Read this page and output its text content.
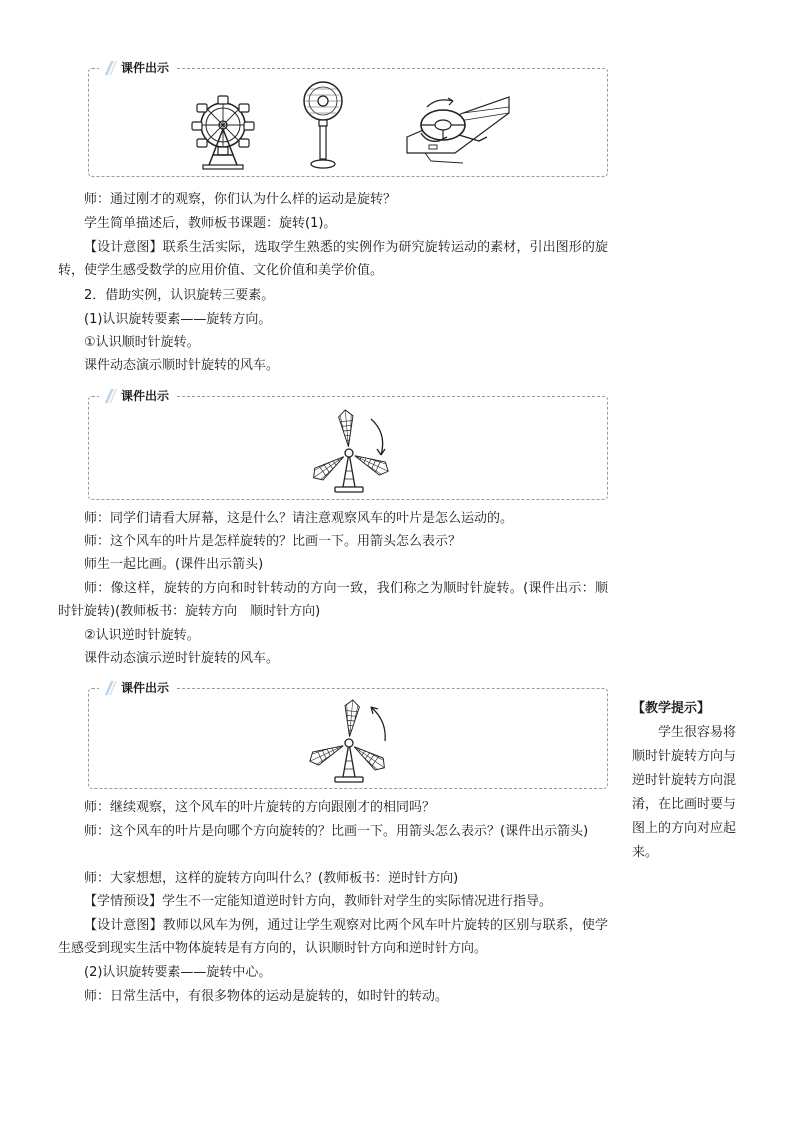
课件出示

师：通过刚才的观察，你们认为什么样的运动是旋转？

学生简单描述后，教师板书课题：旋转(1)。

【设计意图】联系生活实际，选取学生熟悉的实例作为研究旋转运动的素材，引出图形的旋转，使学生感受数学的应用价值、文化价值和美学价值。

2．借助实例，认识旋转三要素。

(1)认识旋转要素——旋转方向。

①认识顺时针旋转。

课件动态演示顺时针旋转的风车。

课件出示

师：同学们请看大屏幕，这是什么？请注意观察风车的叶片是怎么运动的。

师：这个风车的叶片是怎样旋转的？比画一下。用箭头怎么表示？

师生一起比画。(课件出示箭头)

师：像这样，旋转的方向和时针转动的方向一致，我们称之为顺时针旋转。(课件出示：顺时针旋转)(教师板书：旋转方向　顺时针方向)

②认识逆时针旋转。

课件动态演示逆时针旋转的风车。

课件出示

师：继续观察，这个风车的叶片旋转的方向跟刚才的相同吗？

师：这个风车的叶片是向哪个方向旋转的？比画一下。用箭头怎么表示？(课件出示箭头)

师：大家想想，这样的旋转方向叫什么？(教师板书：逆时针方向)

【学情预设】学生不一定能知道逆时针方向，教师针对学生的实际情况进行指导。

【设计意图】教师以风车为例，通过让学生观察对比两个风车叶片旋转的区别与联系，使学生感受到现实生活中物体旋转是有方向的，认识顺时针方向和逆时针方向。

(2)认识旋转要素——旋转中心。

师：日常生活中，有很多物体的运动是旋转的，如时针的转动。

【教学提示】
学生很容易将顺时针旋转方向与逆时针旋转方向混淆，在比画时要与图上的方向对应起来。
